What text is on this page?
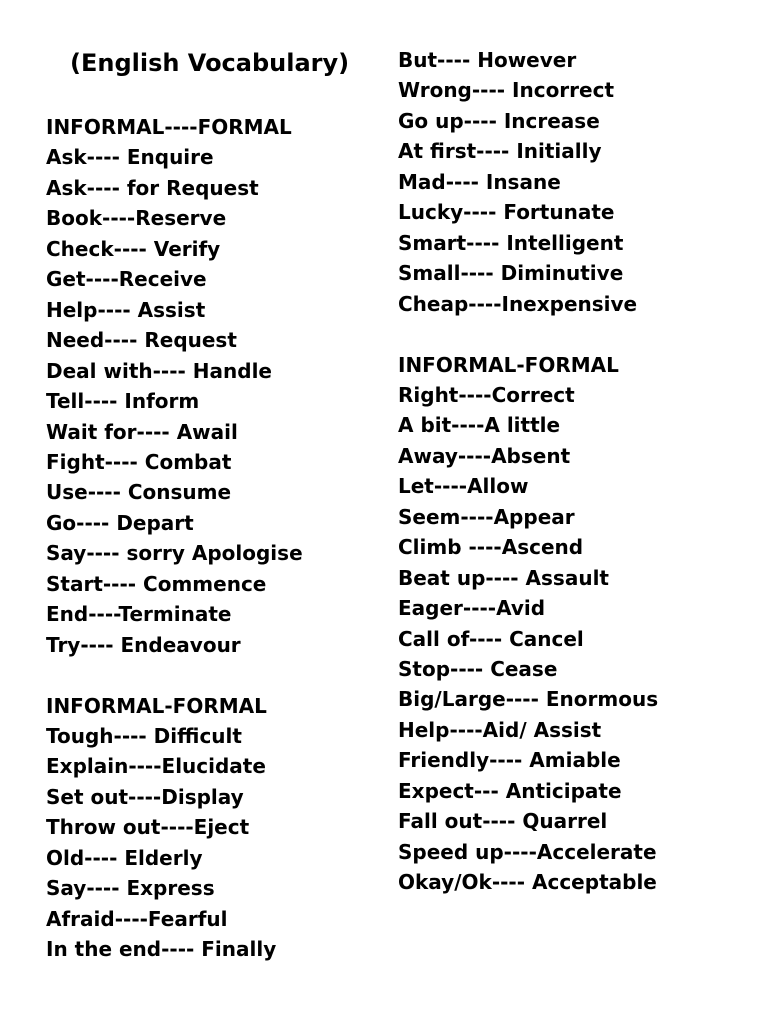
(English Vocabulary)
INFORMAL----FORMAL
Ask---- Enquire
Ask---- for Request
Book----Reserve
Check---- Verify
Get----Receive
Help---- Assist
Need---- Request
Deal with---- Handle
Tell---- Inform
Wait for---- Awail
Fight---- Combat
Use---- Consume
Go---- Depart
Say---- sorry Apologise
Start---- Commence
End----Terminate
Try---- Endeavour
INFORMAL-FORMAL
Tough---- Difficult
Explain----Elucidate
Set out----Display
Throw out----Eject
Old---- Elderly
Say---- Express
Afraid----Fearful
In the end---- Finally
But---- However
Wrong---- Incorrect
Go up---- Increase
At first---- Initially
Mad---- Insane
Lucky---- Fortunate
Smart---- Intelligent
Small---- Diminutive
Cheap----Inexpensive
INFORMAL-FORMAL
Right----Correct
A bit----A little
Away----Absent
Let----Allow
Seem----Appear
Climb ----Ascend
Beat up---- Assault
Eager----Avid
Call of---- Cancel
Stop---- Cease
Big/Large---- Enormous
Help----Aid/ Assist
Friendly---- Amiable
Expect--- Anticipate
Fall out---- Quarrel
Speed up----Accelerate
Okay/Ok---- Acceptable
